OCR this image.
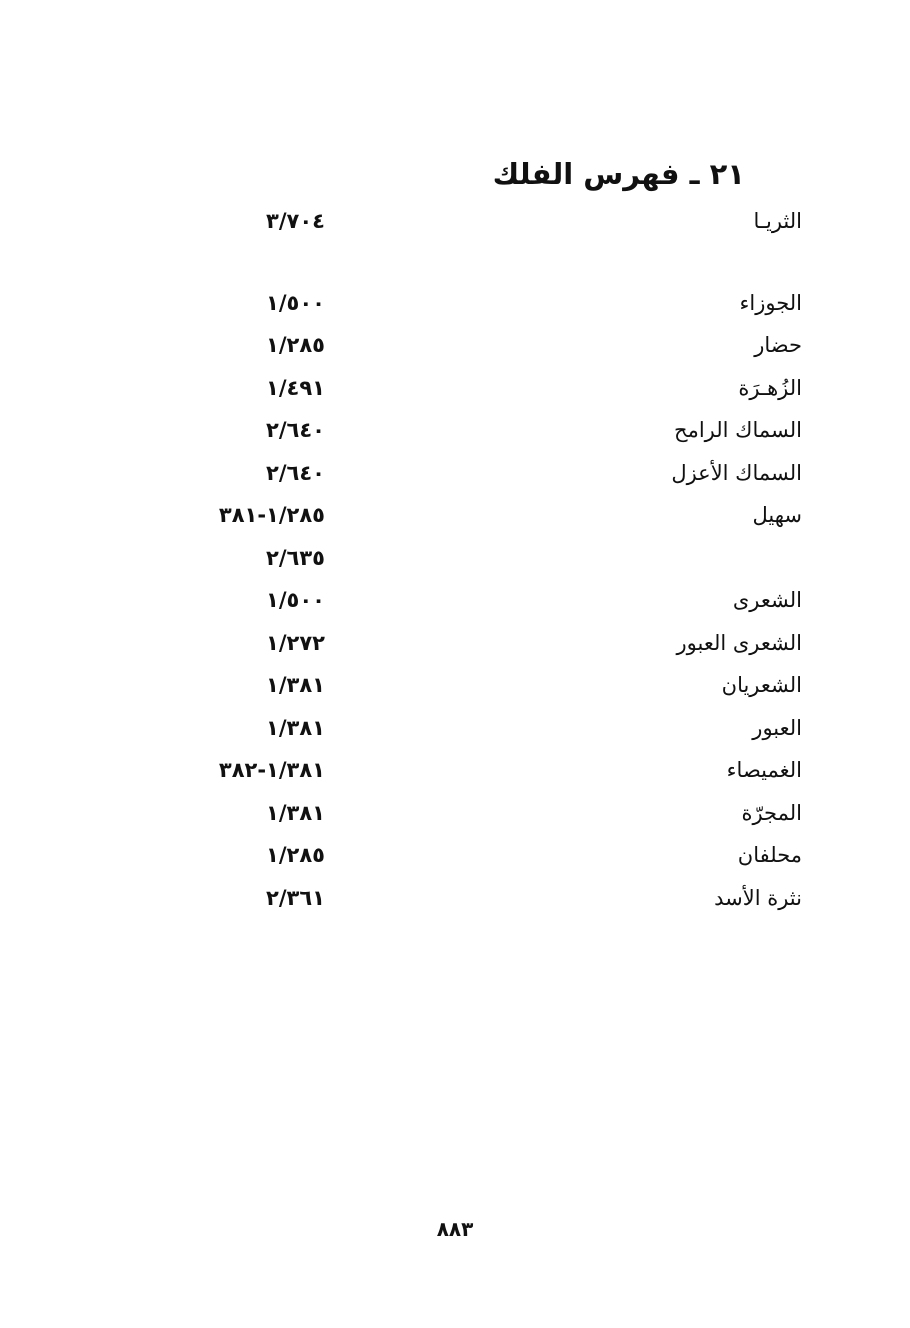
٢١ ـ فهرس الفلك
الثريـا
٣/٧٠٤
الجوزاء
١/٥٠٠
حضار
١/٢٨٥
الزُهـرَة
١/٤٩١
السماك الرامح
٢/٦٤٠
السماك الأعزل
٢/٦٤٠
سهيل
١/٢٨٥-٣٨١
٢/٦٣٥
الشعرى
١/٥٠٠
الشعرى العبور
١/٢٧٢
الشعريان
١/٣٨١
العبور
١/٣٨١
الغميصاء
١/٣٨١-٣٨٢
المجرّة
١/٣٨١
محلفان
١/٢٨٥
نثرة الأسد
٢/٣٦١
٨٨٣
